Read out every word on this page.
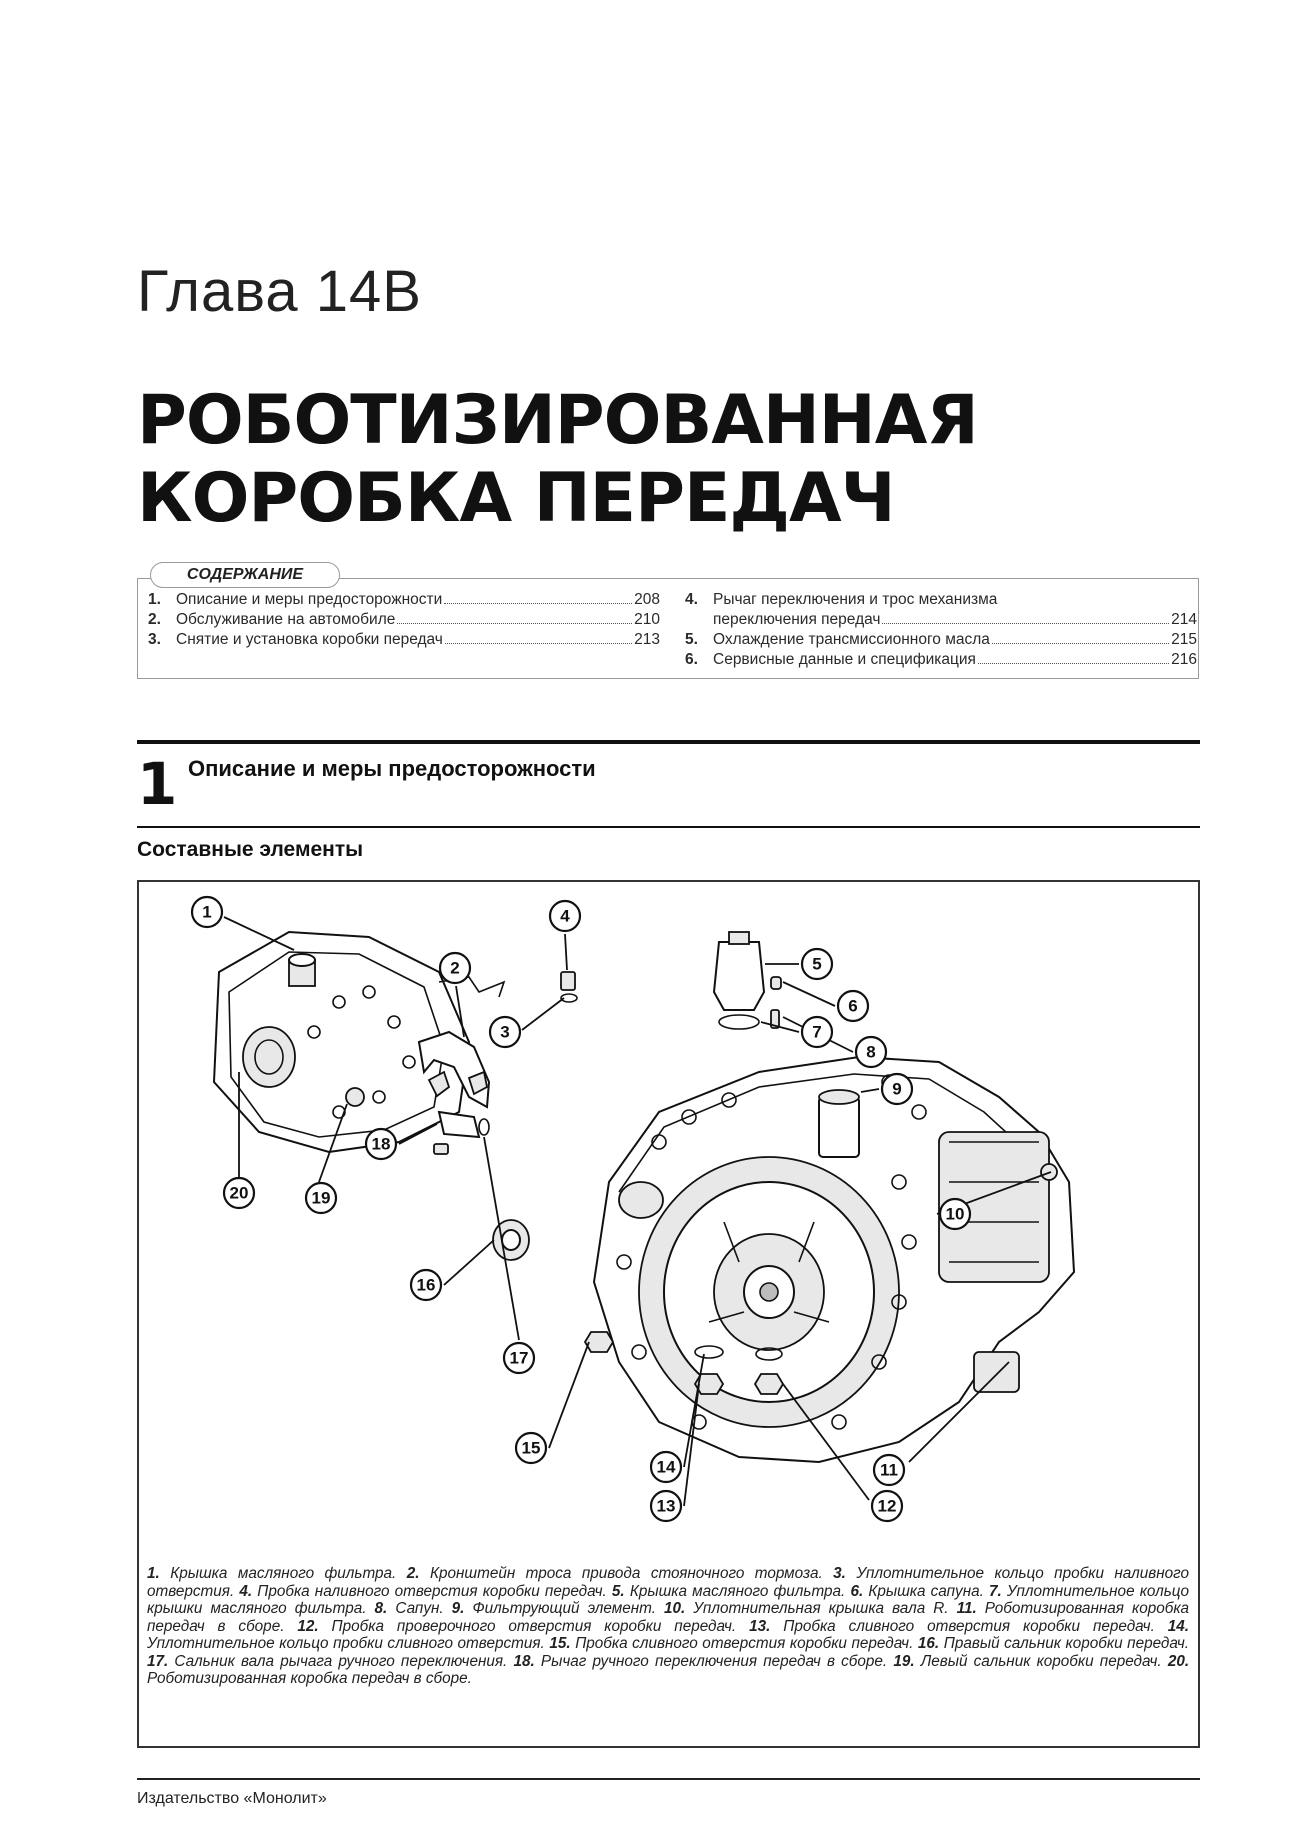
Глава 14B
РОБОТИЗИРОВАННАЯ
КОРОБКА ПЕРЕДАЧ
СОДЕРЖАНИЕ
1. Описание и меры предосторожности	208
2. Обслуживание на автомобиле	210
3. Снятие и установка коробки передач	213
4. Рычаг переключения и трос механизма
переключения передач	214
5. Охлаждение трансмиссионного масла	215
6. Сервисные данные и спецификация	216
1 Описание и меры предосторожности
Составные элементы
1
2
3
4
5
6
7
8
9
10
11
12
13
14
15
16
17
18
19
20
1. Крышка масляного фильтра. 2. Кронштейн троса привода стояночного тормоза. 3. Уплотнительное кольцо пробки наливного отверстия. 4. Пробка наливного отверстия коробки передач. 5. Крышка масляного фильтра. 6. Крышка сапуна. 7. Уплотнительное кольцо крышки масляного фильтра. 8. Сапун. 9. Фильтрующий элемент. 10. Уплотнительная крышка вала R. 11. Роботизированная коробка передач в сборе. 12. Пробка проверочного отверстия коробки передач. 13. Пробка сливного отверстия коробки передач. 14. Уплотнительное кольцо пробки сливного отверстия. 15. Пробка сливного отверстия коробки передач. 16. Правый сальник коробки передач. 17. Сальник вала рычага ручного переключения. 18. Рычаг ручного переключения передач в сборе. 19. Левый сальник коробки передач. 20. Роботизированная коробка передач в сборе.
Издательство «Монолит»
